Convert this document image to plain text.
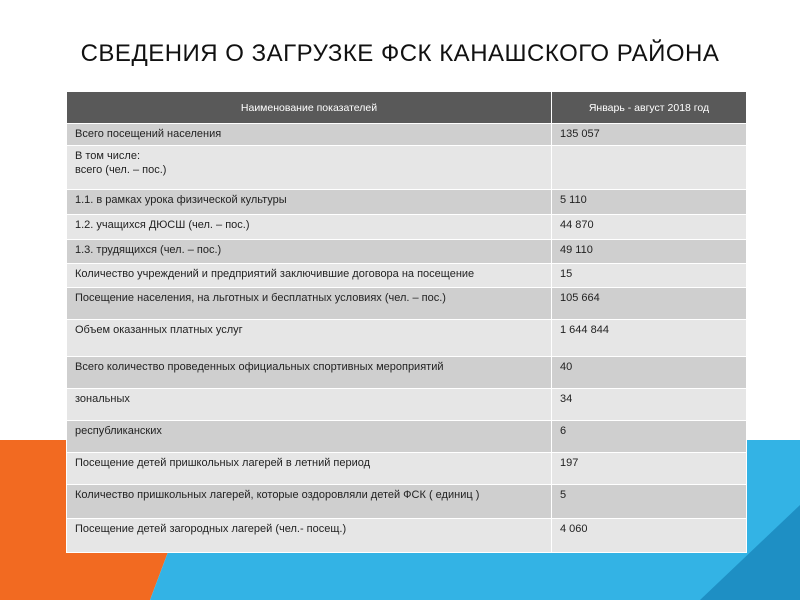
СВЕДЕНИЯ О ЗАГРУЗКЕ ФСК КАНАШСКОГО РАЙОНА
Наименование показателей	Январь - август 2018 год
Всего посещений населения	135 057

В том числе:
всего (чел. – пос.)	

1.1. в рамках урока физической культуры	5 110
1.2. учащихся ДЮСШ (чел. – пос.)	44 870
1.3. трудящихся (чел. – пос.)	49 110
Количество учреждений и предприятий заключившие договора на посещение	15
Посещение населения, на льготных и бесплатных условиях (чел. – пос.)	105 664
Объем оказанных платных услуг	1 644 844
Всего количество проведенных официальных спортивных мероприятий	40
зональных	34
республиканских	6
Посещение детей пришкольных лагерей в летний период	197
Количество пришкольных лагерей, которые оздоровляли детей ФСК ( единиц )	5
Посещение детей загородных лагерей (чел.- посещ.)	4 060
